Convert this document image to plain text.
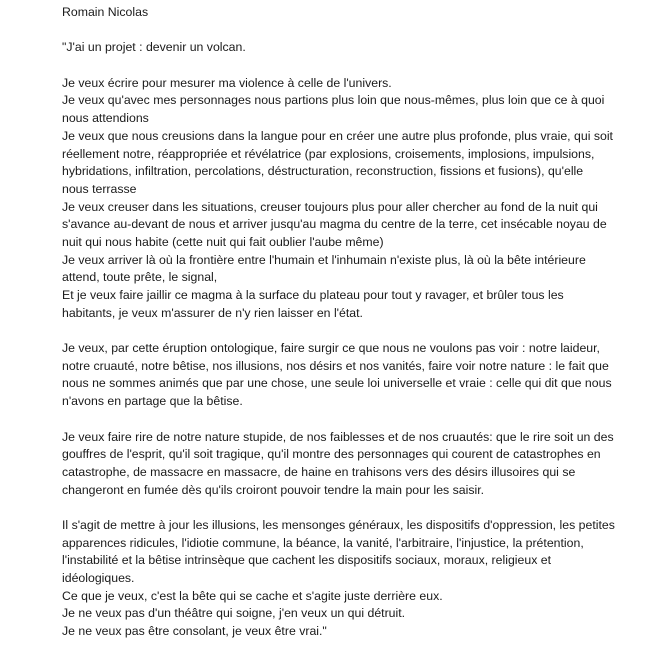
Romain Nicolas
"J'ai un projet : devenir un volcan.
Je veux écrire pour mesurer ma violence à celle de l'univers.
Je veux qu'avec mes personnages nous partions plus loin que nous-mêmes, plus loin que ce à quoi
nous attendions
Je veux que nous creusions dans la langue pour en créer une autre plus profonde, plus vraie, qui soit
réellement notre, réappropriée et révélatrice (par explosions, croisements, implosions, impulsions,
hybridations, infiltration, percolations, déstructuration, reconstruction, fissions et fusions), qu'elle
nous terrasse
Je veux creuser dans les situations, creuser toujours plus pour aller chercher au fond de la nuit qui
s'avance au-devant de nous et arriver jusqu'au magma du centre de la terre, cet insécable noyau de
nuit qui nous habite (cette nuit qui fait oublier l'aube même)
Je veux arriver là où la frontière entre l'humain et l'inhumain n'existe plus, là où la bête intérieure
attend, toute prête, le signal,
Et je veux faire jaillir ce magma à la surface du plateau pour tout y ravager, et brûler tous les
habitants, je veux m'assurer de n'y rien laisser en l'état.
Je veux, par cette éruption ontologique, faire surgir ce que nous ne voulons pas voir : notre laideur,
notre cruauté, notre bêtise, nos illusions, nos désirs et nos vanités, faire voir notre nature : le fait que
nous ne sommes animés que par une chose, une seule loi universelle et vraie : celle qui dit que nous
n'avons en partage que la bêtise.
Je veux faire rire de notre nature stupide, de nos faiblesses et de nos cruautés: que le rire soit un des
gouffres de l'esprit, qu'il soit tragique, qu'il montre des personnages qui courent de catastrophes en
catastrophe, de massacre en massacre, de haine en trahisons vers des désirs illusoires qui se
changeront en fumée dès qu'ils croiront pouvoir tendre la main pour les saisir.
Il s'agit de mettre à jour les illusions, les mensonges généraux, les dispositifs d'oppression, les petites
apparences ridicules, l'idiotie commune, la béance, la vanité, l'arbitraire, l'injustice, la prétention,
l'instabilité et la bêtise intrinsèque que cachent les dispositifs sociaux, moraux, religieux et
idéologiques.
Ce que je veux, c'est la bête qui se cache et s'agite juste derrière eux.
Je ne veux pas d'un théâtre qui soigne, j'en veux un qui détruit.
Je ne veux pas être consolant, je veux être vrai."
